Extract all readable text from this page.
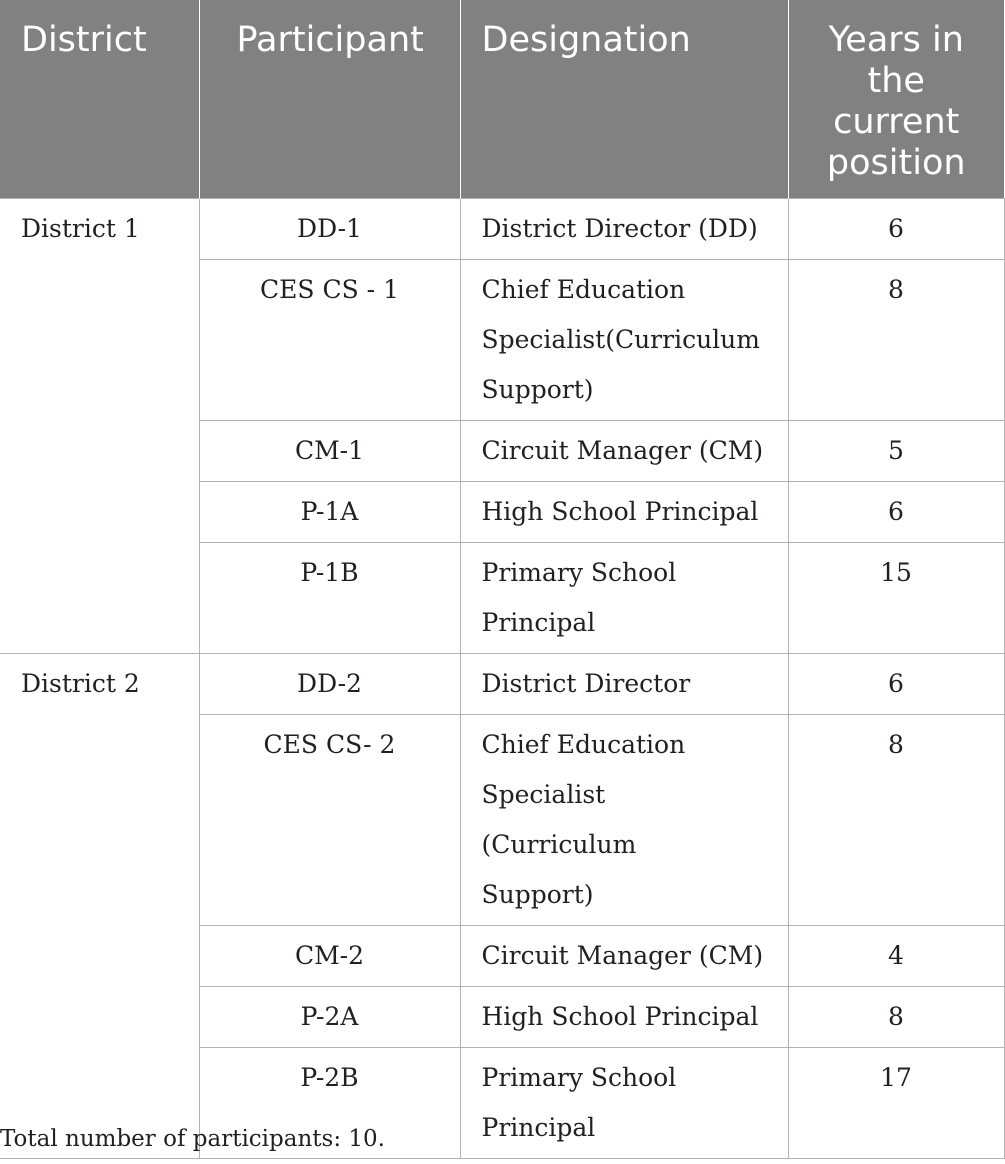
District	Participant	Designation	Years in
the
current
position
District 1	DD-1	District Director (DD)	6
	CES CS - 1	Chief Education
Specialist(Curriculum
Support)	8
	CM-1	Circuit Manager (CM)	5
	P-1A	High School Principal	6
	P-1B	Primary School
Principal	15
District 2	DD-2	District Director	6
	CES CS- 2	Chief Education
Specialist (Curriculum
Support)	8
	CM-2	Circuit Manager (CM)	4
	P-2A	High School Principal	8
	P-2B	Primary School
Principal	17
Total number of participants: 10.
